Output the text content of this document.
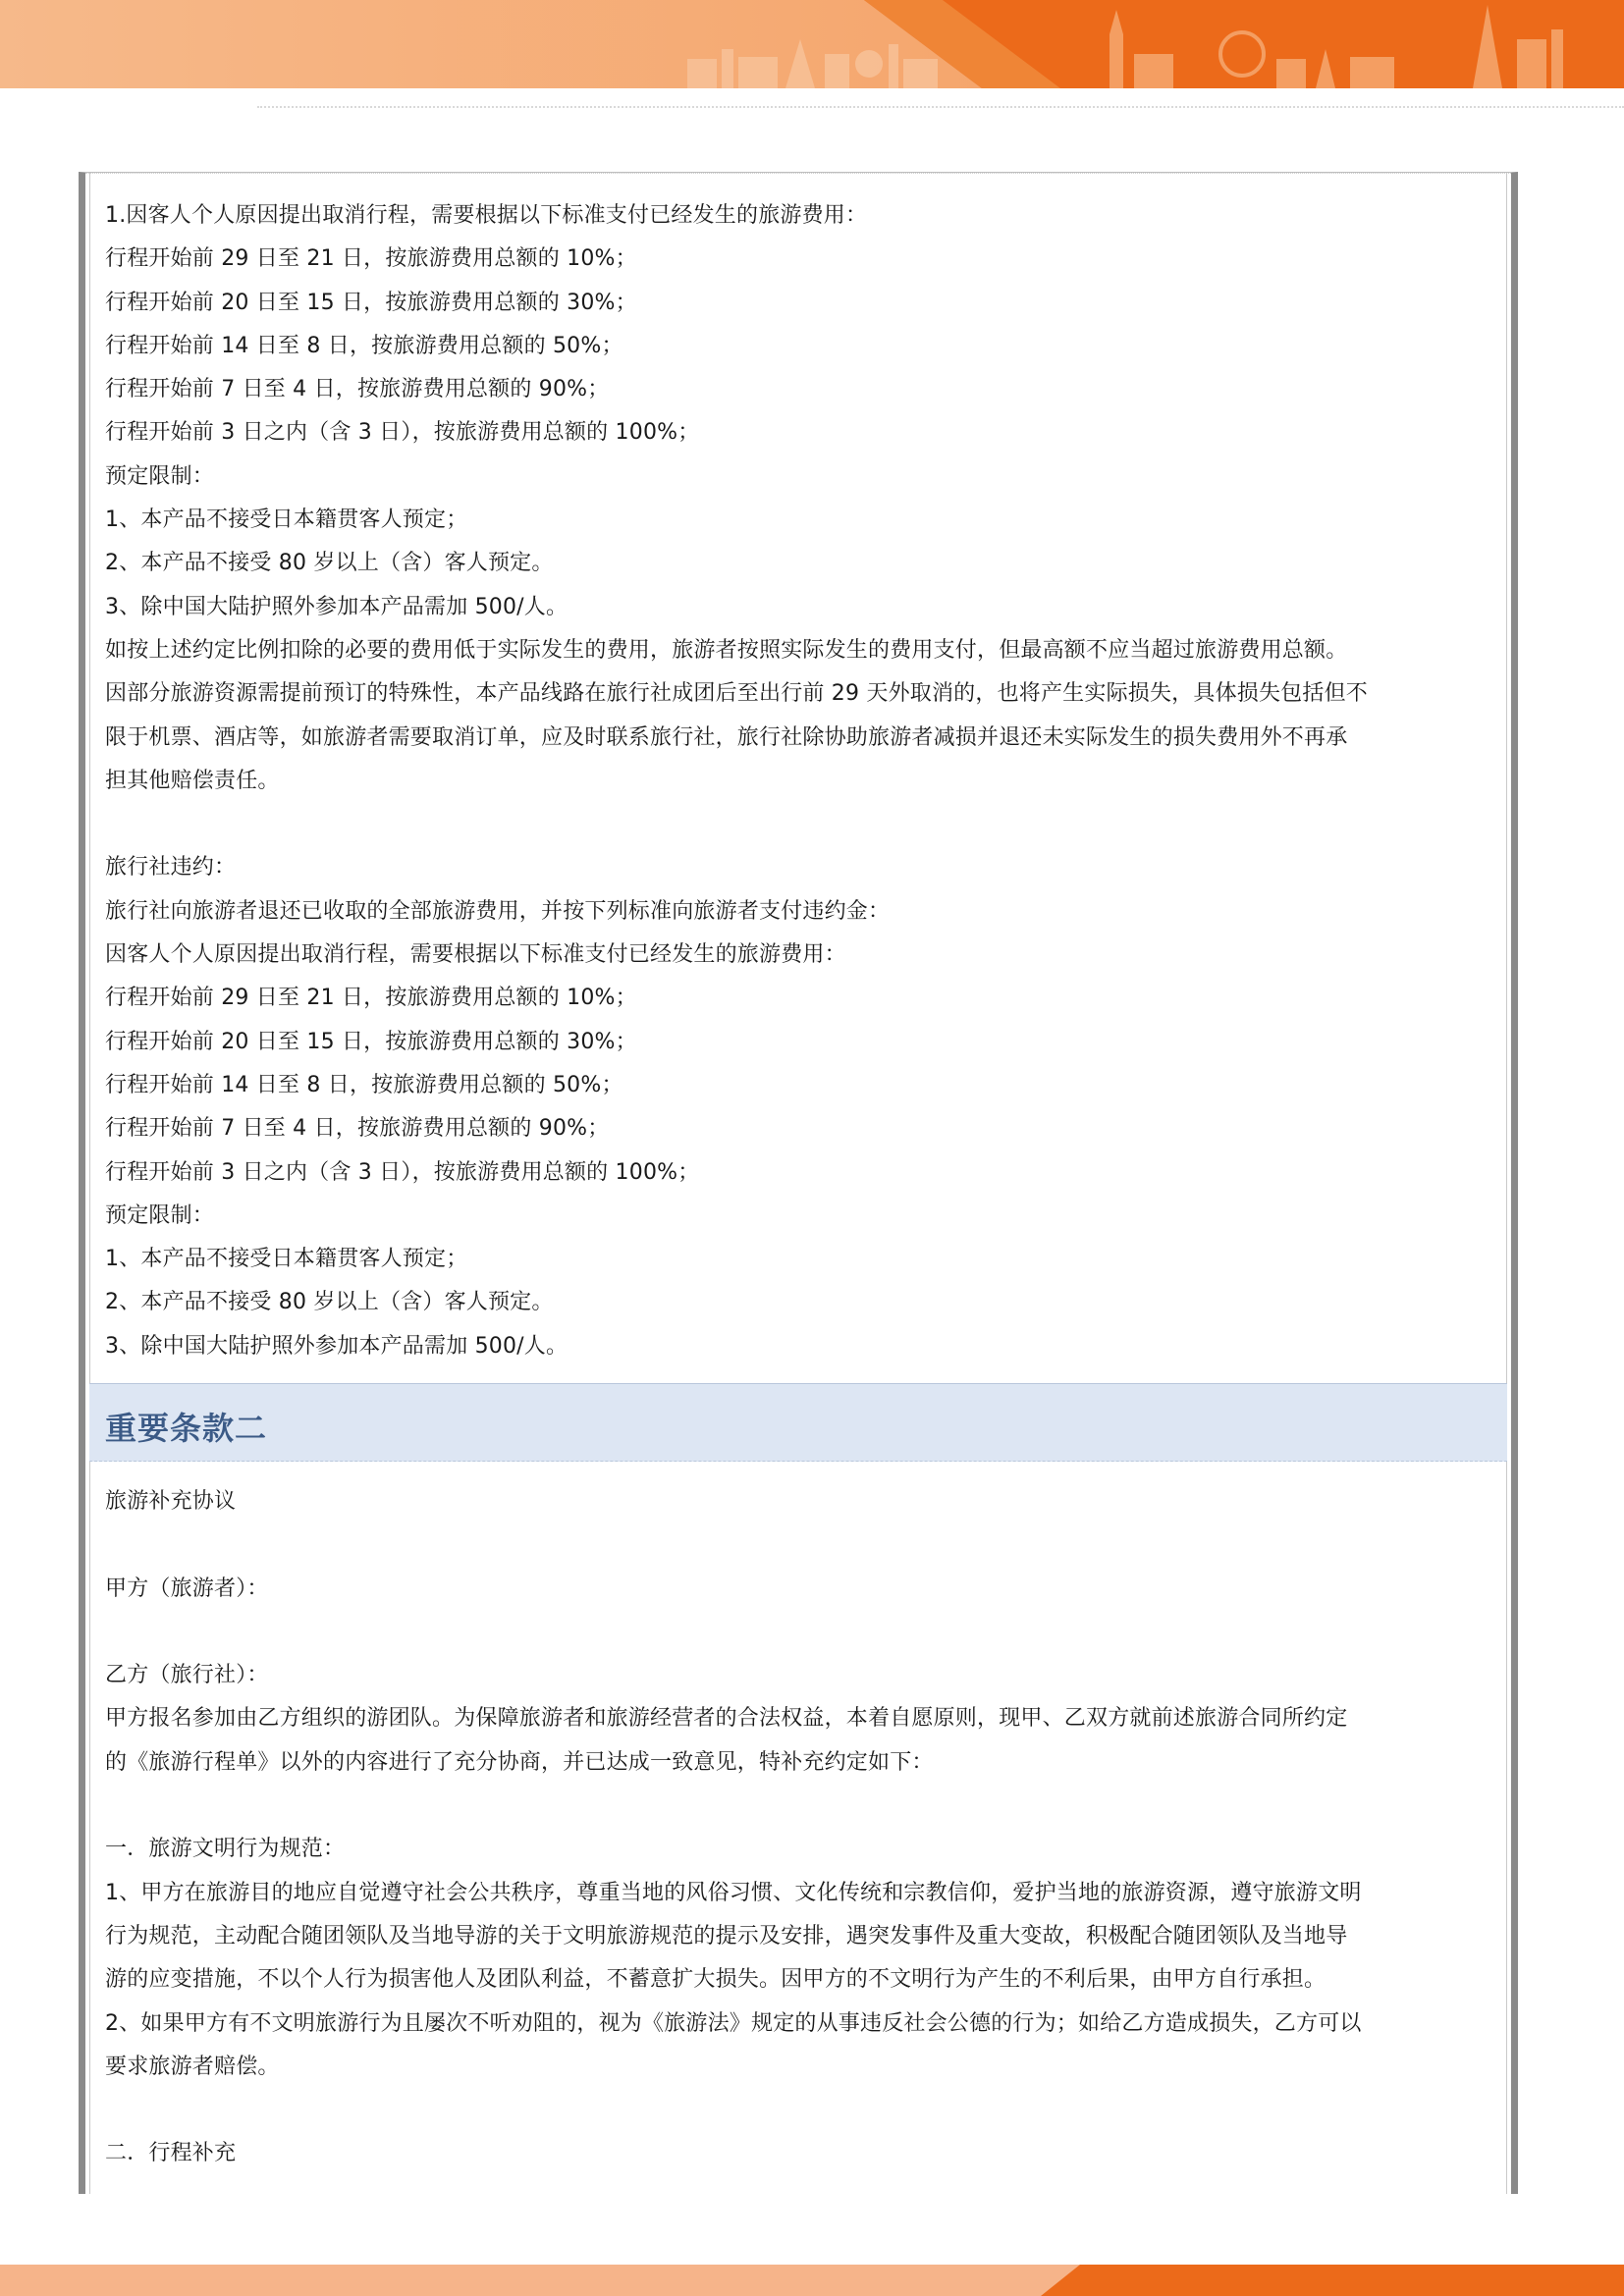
1.因客人个人原因提出取消行程，需要根据以下标准支付已经发生的旅游费用：

行程开始前 29 日至 21 日，按旅游费用总额的 10%；

行程开始前 20 日至 15 日，按旅游费用总额的 30%；

行程开始前 14 日至 8 日，按旅游费用总额的 50%；

行程开始前 7 日至 4 日，按旅游费用总额的 90%；

行程开始前 3 日之内（含 3 日），按旅游费用总额的 100%；

预定限制：

1、本产品不接受日本籍贯客人预定；

2、本产品不接受 80 岁以上（含）客人预定。

3、除中国大陆护照外参加本产品需加 500/人。

如按上述约定比例扣除的必要的费用低于实际发生的费用，旅游者按照实际发生的费用支付，但最高额不应当超过旅游费用总额。

因部分旅游资源需提前预订的特殊性，本产品线路在旅行社成团后至出行前 29 天外取消的，也将产生实际损失，具体损失包括但不

限于机票、酒店等，如旅游者需要取消订单，应及时联系旅行社，旅行社除协助旅游者减损并退还未实际发生的损失费用外不再承

担其他赔偿责任。

旅行社违约：

旅行社向旅游者退还已收取的全部旅游费用，并按下列标准向旅游者支付违约金：

因客人个人原因提出取消行程，需要根据以下标准支付已经发生的旅游费用：

行程开始前 29 日至 21 日，按旅游费用总额的 10%；

行程开始前 20 日至 15 日，按旅游费用总额的 30%；

行程开始前 14 日至 8 日，按旅游费用总额的 50%；

行程开始前 7 日至 4 日，按旅游费用总额的 90%；

行程开始前 3 日之内（含 3 日），按旅游费用总额的 100%；

预定限制：

1、本产品不接受日本籍贯客人预定；

2、本产品不接受 80 岁以上（含）客人预定。

3、除中国大陆护照外参加本产品需加 500/人。

重要条款二

旅游补充协议

甲方（旅游者）：

乙方（旅行社）：

甲方报名参加由乙方组织的游团队。为保障旅游者和旅游经营者的合法权益，本着自愿原则，现甲、乙双方就前述旅游合同所约定

的《旅游行程单》以外的内容进行了充分协商，并已达成一致意见，特补充约定如下：

一．旅游文明行为规范：

1、甲方在旅游目的地应自觉遵守社会公共秩序，尊重当地的风俗习惯、文化传统和宗教信仰，爱护当地的旅游资源，遵守旅游文明

行为规范，主动配合随团领队及当地导游的关于文明旅游规范的提示及安排，遇突发事件及重大变故，积极配合随团领队及当地导

游的应变措施，不以个人行为损害他人及团队利益，不蓄意扩大损失。因甲方的不文明行为产生的不利后果，由甲方自行承担。

2、如果甲方有不文明旅游行为且屡次不听劝阻的，视为《旅游法》规定的从事违反社会公德的行为；如给乙方造成损失，乙方可以

要求旅游者赔偿。

二．行程补充
